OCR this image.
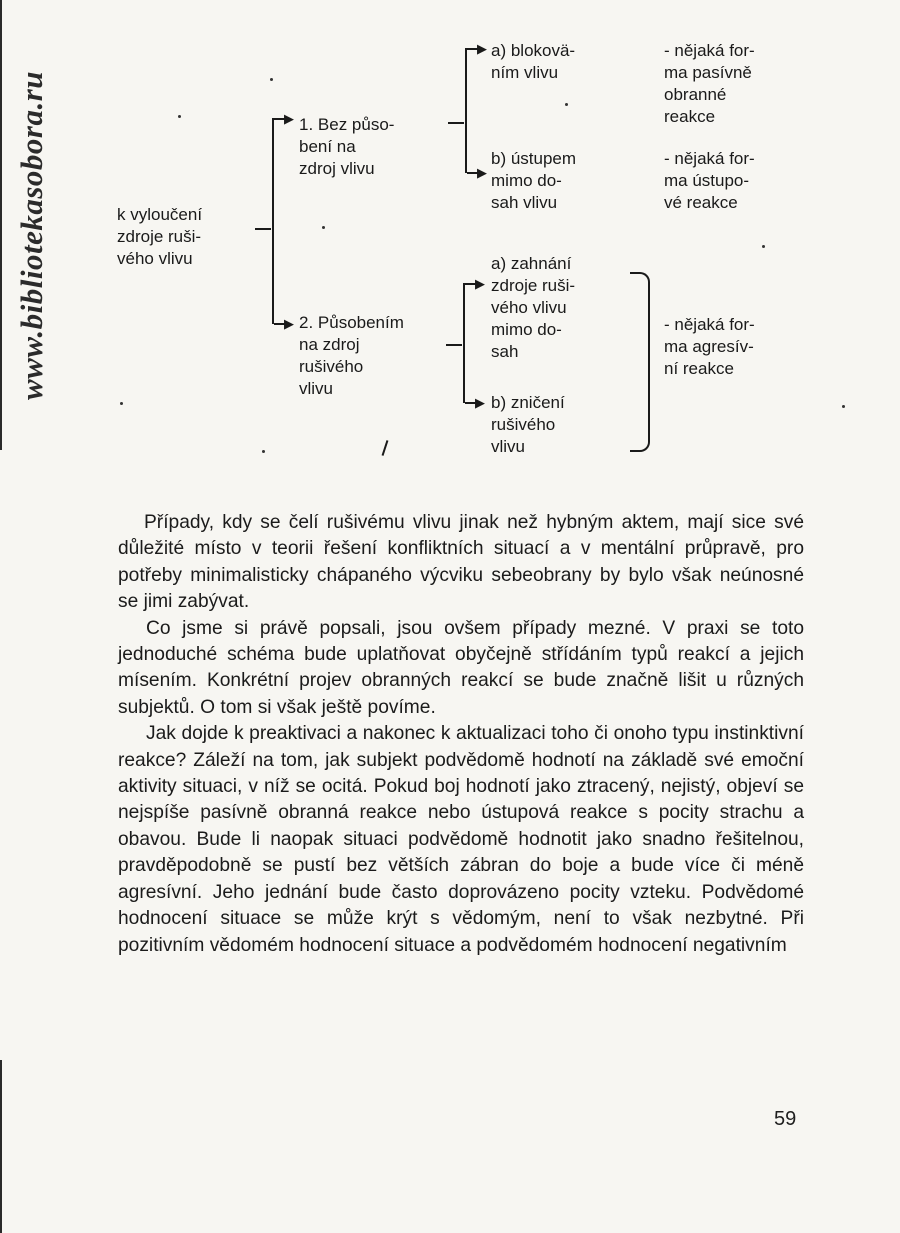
www.bibliotekasobora.ru	k vyloučení
zdroje ruši-
vého vlivu
▶
▶
1. Bez půso-
bení na
zdroj vlivu
2. Působením
na zdroj
rušivého
vlivu
▶
▶
a) blokovä-
ním vlivu
b) ústupem
mimo do-
sah vlivu
▶
▶
a) zahnání
zdroje ruši-
vého vlivu
mimo do-
sah
b) zničení
rušivého
vlivu
- nějaká for-
ma pasívně
obranné
reakce
- nějaká for-
ma ústupo-
vé reakce
- nějaká for-
ma agresív-
ní reakce

Případy, kdy se čelí rušivému vlivu jinak než hybným aktem, mají sice své důležité místo v teorii řešení konfliktních situací a v mentální průpravě, pro potřeby minimalisticky chápaného výcviku sebeobrany by bylo však neúnosné se jimi zabývat.

Co jsme si právě popsali, jsou ovšem případy mezné. V praxi se toto jednoduché schéma bude uplatňovat obyčejně střídáním typů reakcí a jejich mísením. Konkrétní projev obranných reakcí se bude značně lišit u různých subjektů. O tom si však ještě povíme.

Jak dojde k preaktivaci a nakonec k aktualizaci toho či onoho typu instinktivní reakce? Záleží na tom, jak subjekt podvědomě hodnotí na základě své emoční aktivity situaci, v níž se ocitá. Pokud boj hodnotí jako ztracený, nejistý, objeví se nejspíše pasívně obranná reakce nebo ústupová reakce s pocity strachu a obavou. Bude li naopak situaci podvědomě hodnotit jako snadno řešitelnou, pravděpodobně se pustí bez větších zábran do boje a bude více či méně agresívní. Jeho jednání bude často doprovázeno pocity vzteku. Podvědomé hodnocení situace se může krýt s vědomým, není to však nezbytné. Při pozitivním vědomém hodnocení situace a podvědomém hodnocení negativním

59
